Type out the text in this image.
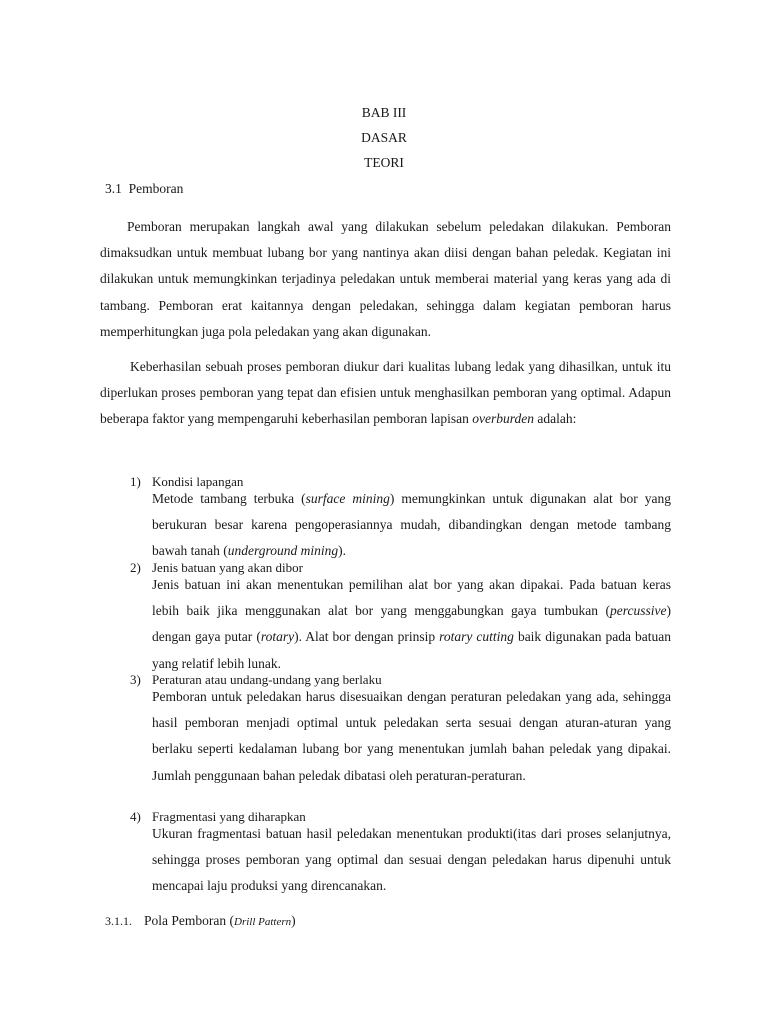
BAB III
DASAR
TEORI
3.1 Pemboran
Pemboran merupakan langkah awal yang dilakukan sebelum peledakan dilakukan. Pemboran dimaksudkan untuk membuat lubang bor yang nantinya akan diisi dengan bahan peledak. Kegiatan ini dilakukan untuk memungkinkan terjadinya peledakan untuk memberai material yang keras yang ada di tambang. Pemboran erat kaitannya dengan peledakan, sehingga dalam kegiatan pemboran harus memperhitungkan juga pola peledakan yang akan digunakan.
Keberhasilan sebuah proses pemboran diukur dari kualitas lubang ledak yang dihasilkan, untuk itu diperlukan proses pemboran yang tepat dan efisien untuk menghasilkan pemboran yang optimal. Adapun beberapa faktor yang mempengaruhi keberhasilan pemboran lapisan overburden adalah:
1) Kondisi lapangan
Metode tambang terbuka (surface mining) memungkinkan untuk digunakan alat bor yang berukuran besar karena pengoperasiannya mudah, dibandingkan dengan metode tambang bawah tanah (underground mining).
2) Jenis batuan yang akan dibor
Jenis batuan ini akan menentukan pemilihan alat bor yang akan dipakai. Pada batuan keras lebih baik jika menggunakan alat bor yang menggabungkan gaya tumbukan (percussive) dengan gaya putar (rotary). Alat bor dengan prinsip rotary cutting baik digunakan pada batuan yang relatif lebih lunak.
3) Peraturan atau undang-undang yang berlaku
Pemboran untuk peledakan harus disesuaikan dengan peraturan peledakan yang ada, sehingga hasil pemboran menjadi optimal untuk peledakan serta sesuai dengan aturan-aturan yang berlaku seperti kedalaman lubang bor yang menentukan jumlah bahan peledak yang dipakai. Jumlah penggunaan bahan peledak dibatasi oleh peraturan-peraturan.
4) Fragmentasi yang diharapkan
Ukuran fragmentasi batuan hasil peledakan menentukan produkti(itas dari proses selanjutnya, sehingga proses pemboran yang optimal dan sesuai dengan peledakan harus dipenuhi untuk mencapai laju produksi yang direncanakan.
3.1.1. Pola Pemboran (Drill Pattern)
